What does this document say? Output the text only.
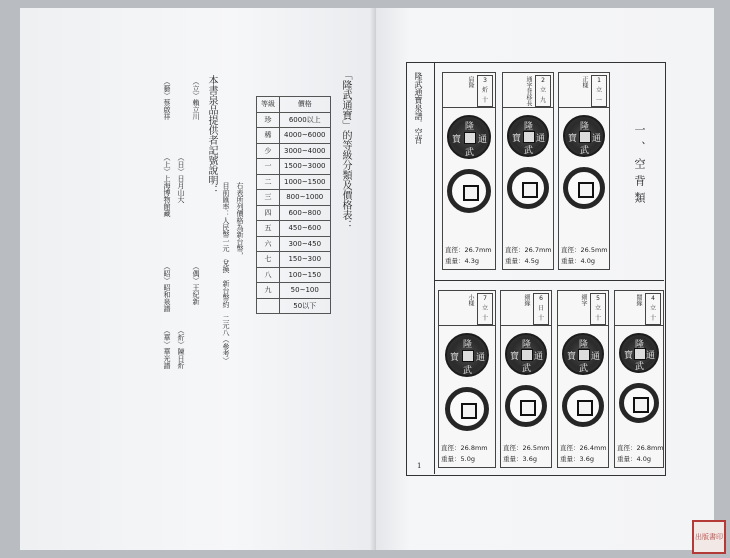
本書泉品提供者記號說明：
（立）賴立川
（日）日月山大
（偶）王紀新
（炘）陳日炘
（藝）蔡啟祥
（上）上海博物館藏
（昭）昭和泉譜
（華）華光譜
「隆武通寶」的等級分類及價格表：
等級	價格
珍	6000以上
稀	4000~6000
少	3000~4000
一	1500~3000
二	1000~1500
三	800~1000
四	600~800
五	450~600
六	300~450
七	150~300
八	100~150
九	50~100
	50以下
右表所列價格為新台幣，
目前匯率：人民幣一元　兌換　新台幣約　二元八（參考）
隆武通寶泉譜．空背
一、空背類
1
1
立
一
正樣
隆
武
通
寶
直徑：26.5mm
重量：4.0g
2
立
九
通字背移長
隆
武
通
寶
直徑：26.7mm
重量：4.5g
3
炘
十
肩隆
隆
武
通
寶
直徑：26.7mm
重量：4.3g
4
立
十
闊緣
隆
武
通
寶
直徑：26.8mm
重量：4.0g
5
立
十
細字
隆
武
通
寶
直徑：26.4mm
重量：3.6g
6
日
十
細緣
隆
武
通
寶
直徑：26.5mm
重量：3.6g
7
立
十
小樣
隆
武
通
寶
直徑：26.8mm
重量：5.0g
出版書印
